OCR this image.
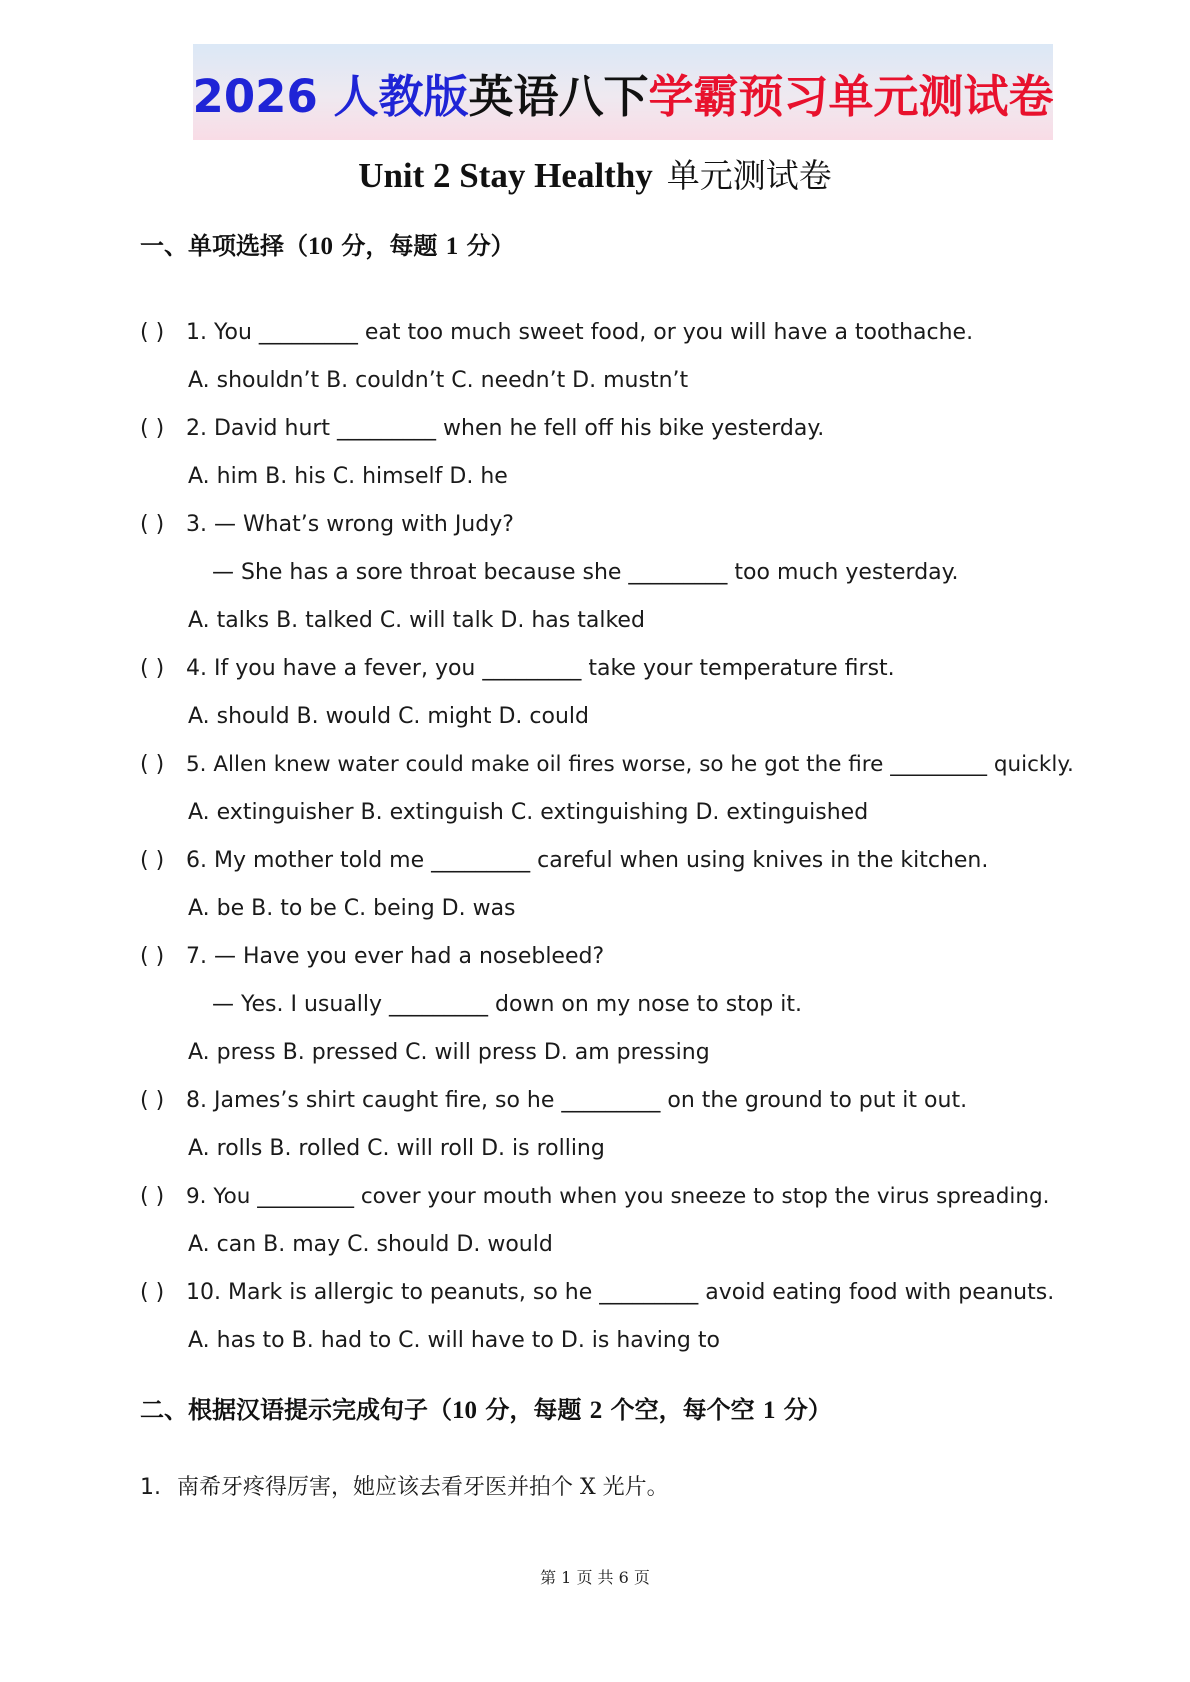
2026 人教版 英语八下 学霸预习单元测试卷
Unit 2 Stay Healthy 单元测试卷
一、单项选择（10 分，每题 1 分）
( ) 1. You _________ eat too much sweet food, or you will have a toothache.
A. shouldn’t B. couldn’t C. needn’t D. mustn’t
( ) 2. David hurt _________ when he fell off his bike yesterday.
A. him B. his C. himself D. he
( ) 3. — What’s wrong with Judy?
— She has a sore throat because she _________ too much yesterday.
A. talks B. talked C. will talk D. has talked
( ) 4. If you have a fever, you _________ take your temperature first.
A. should B. would C. might D. could
( ) 5. Allen knew water could make oil fires worse, so he got the fire _________ quickly.
A. extinguisher B. extinguish C. extinguishing D. extinguished
( ) 6. My mother told me _________ careful when using knives in the kitchen.
A. be B. to be C. being D. was
( ) 7. — Have you ever had a nosebleed?
— Yes. I usually _________ down on my nose to stop it.
A. press B. pressed C. will press D. am pressing
( ) 8. James’s shirt caught fire, so he _________ on the ground to put it out.
A. rolls B. rolled C. will roll D. is rolling
( ) 9. You _________ cover your mouth when you sneeze to stop the virus spreading.
A. can B. may C. should D. would
( ) 10. Mark is allergic to peanuts, so he _________ avoid eating food with peanuts.
A. has to B. had to C. will have to D. is having to
二、根据汉语提示完成句子（10 分，每题 2 个空，每个空 1 分）
1. 南希牙疼得厉害，她应该去看牙医并拍个 X 光片。
第 1 页 共 6 页
